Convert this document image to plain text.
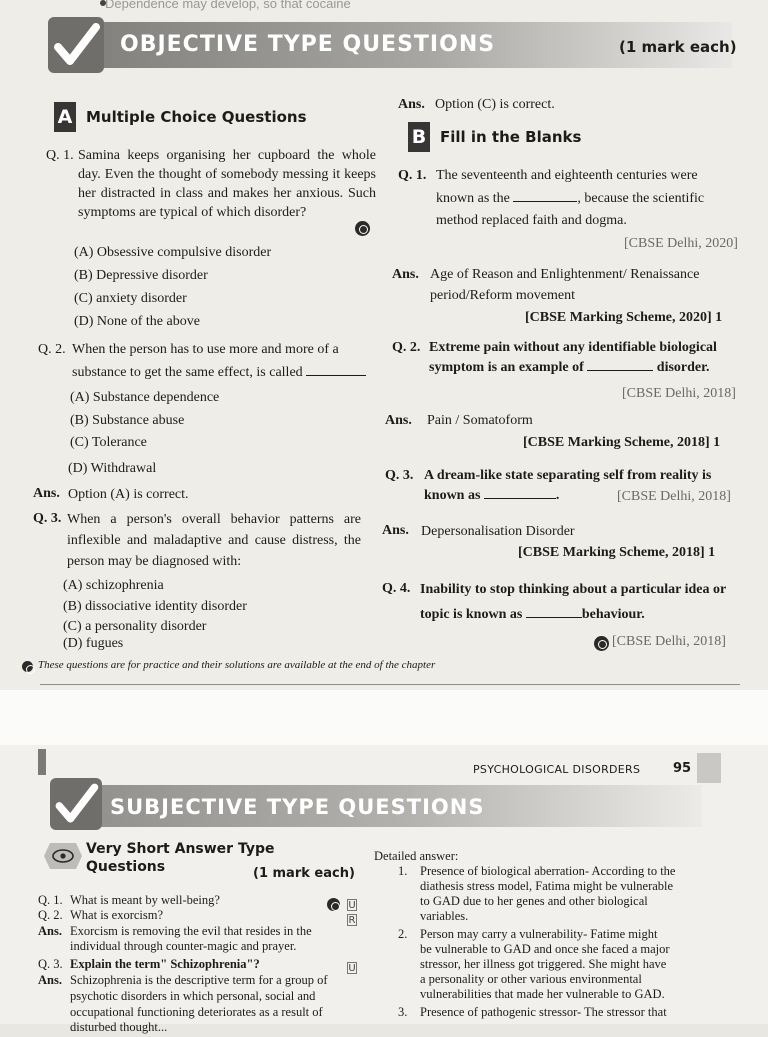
Dependence may develop, so that cocaine
OBJECTIVE TYPE QUESTIONS	(1 mark each)
A Multiple Choice Questions
Q. 1. Samina keeps organising her cupboard the whole day. Even the thought of somebody messing it keeps her distracted in class and makes her anxious. Such symptoms are typical of which disorder?
(A) Obsessive compulsive disorder
(B) Depressive disorder
(C) anxiety disorder
(D) None of the above
Q. 2. When the person has to use more and more of a
substance to get the same effect, is called
(A) Substance dependence
(B) Substance abuse
(C) Tolerance
(D) Withdrawal
Ans. Option (A) is correct.
Q. 3. When a person's overall behavior patterns are inflexible and maladaptive and cause distress, the person may be diagnosed with:
(A) schizophrenia
(B) dissociative identity disorder
(C) a personality disorder
(D) fugues
Ans. Option (C) is correct.
B Fill in the Blanks
Q. 1. The seventeenth and eighteenth centuries were
known as the	, because the scientific
method replaced faith and dogma.
[CBSE Delhi, 2020]
Ans. Age of Reason and Enlightenment/ Renaissance
period/Reform movement
[CBSE Marking Scheme, 2020] 1
Q. 2. Extreme pain without any identifiable biological
symptom is an example of	disorder.
[CBSE Delhi, 2018]
Ans. Pain / Somatoform
[CBSE Marking Scheme, 2018] 1
Q. 3. A dream-like state separating self from reality is
known as	.	[CBSE Delhi, 2018]
Ans. Depersonalisation Disorder
[CBSE Marking Scheme, 2018] 1
Q. 4. Inability to stop thinking about a particular idea or
topic is known as	behaviour.
[CBSE Delhi, 2018]
These questions are for practice and their solutions are available at the end of the chapter
PSYCHOLOGICAL DISORDERS	95
SUBJECTIVE TYPE QUESTIONS
Very Short Answer Type
Questions	(1 mark each)
Q. 1. What is meant by well-being?	U
Q. 2. What is exorcism?	R
Ans. Exorcism is removing the evil that resides in the
individual through counter-magic and prayer.
Q. 3. Explain the term" Schizophrenia"?	U
Ans. Schizophrenia is the descriptive term for a group of
psychotic disorders in which personal, social and
occupational functioning deteriorates as a result of
disturbed thought...
Detailed answer:
1. Presence of biological aberration- According to the
diathesis stress model, Fatima might be vulnerable
to GAD due to her genes and other biological
variables.
2. Person may carry a vulnerability- Fatime might
be vulnerable to GAD and once she faced a major
stressor, her illness got triggered. She might have
a personality or other various environmental
vulnerabilities that made her vulnerable to GAD.
3. Presence of pathogenic stressor- The stressor that
